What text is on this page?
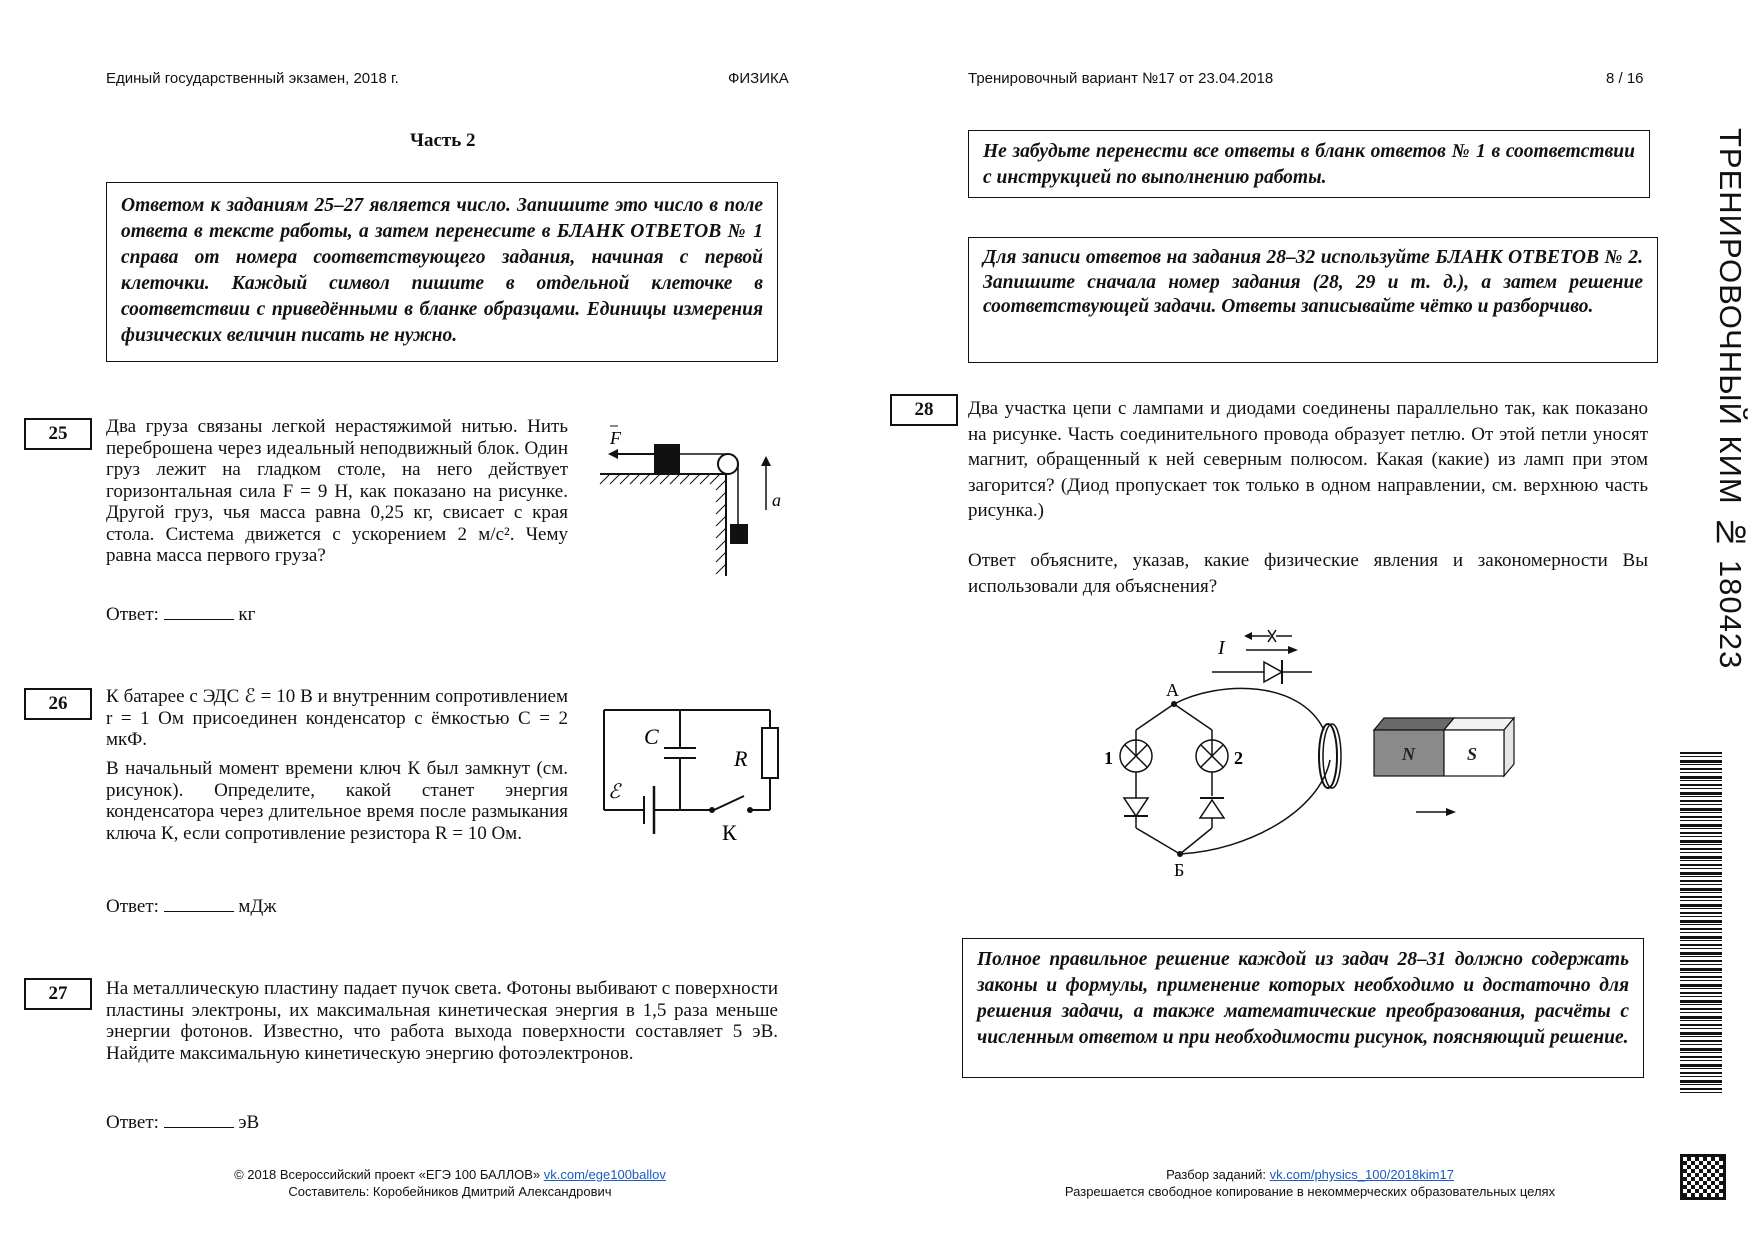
Единый государственный экзамен, 2018 г.	ФИЗИКА	Тренировочный вариант №17 от 23.04.2018	8 / 16
Часть 2
Ответом к заданиям 25–27 является число. Запишите это число в поле ответа в тексте работы, а затем перенесите в БЛАНК ОТВЕТОВ № 1 справа от номера соответствующего задания, начиная с первой клеточки. Каждый символ пишите в отдельной клеточке в соответствии с приведёнными в бланке образцами. Единицы измерения физических величин писать не нужно.
Не забудьте перенести все ответы в бланк ответов № 1 в соответствии с инструкцией по выполнению работы.
Для записи ответов на задания 28–32 используйте БЛАНК ОТВЕТОВ № 2. Запишите сначала номер задания (28, 29 и т. д.), а затем решение соответствующей задачи. Ответы записывайте чётко и разборчиво.
25	Два груза связаны легкой нерастяжимой нитью. Нить переброшена через идеальный неподвижный блок. Один груз лежит на гладком столе, на него действует горизонтальная сила F = 9 Н, как показано на рисунке. Другой груз, чья масса равна 0,25 кг, свисает с края стола. Система движется с ускорением 2 м/с². Чему равна масса первого груза?
F
a
Ответ:	кг
26	К батарее с ЭДС ℰ = 10 В и внутренним сопротивлением r = 1 Ом присоединен конденсатор с ёмкостью C = 2 мкФ.
В начальный момент времени ключ К был замкнут (см. рисунок). Определите, какой станет энергия конденсатора через длительное время после размыкания ключа К, если сопротивление резистора R = 10 Ом.
C
R
ℰ
К
Ответ:	мДж
27	На металлическую пластину падает пучок света. Фотоны выбивают с поверхности пластины электроны, их максимальная кинетическая энергия в 1,5 раза меньше энергии фотонов. Известно, что работа выхода поверхности составляет 5 эВ. Найдите максимальную кинетическую энергию фотоэлектронов.
Ответ:	эВ
28	Два участка цепи с лампами и диодами соединены параллельно так, как показано на рисунке. Часть соединительного провода образует петлю. От этой петли уносят магнит, обращенный к ней северным полюсом. Какая (какие) из ламп при этом загорится? (Диод пропускает ток только в одном направлении, см. верхнюю часть рисунка.)
Ответ объясните, указав, какие физические явления и закономерности Вы использовали для объяснения?
I
А
Б
1	2	N	S
Полное правильное решение каждой из задач 28–31 должно содержать законы и формулы, применение которых необходимо и достаточно для решения задачи, а также математические преобразования, расчёты с численным ответом и при необходимости рисунок, поясняющий решение.
ТРЕНИРОВОЧНЫЙ КИМ № 180423
© 2018 Всероссийский проект «ЕГЭ 100 БАЛЛОВ» vk.com/ege100ballov
Составитель: Коробейников Дмитрий Александрович
Разбор заданий: vk.com/physics_100/2018kim17
Разрешается свободное копирование в некоммерческих образовательных целях
